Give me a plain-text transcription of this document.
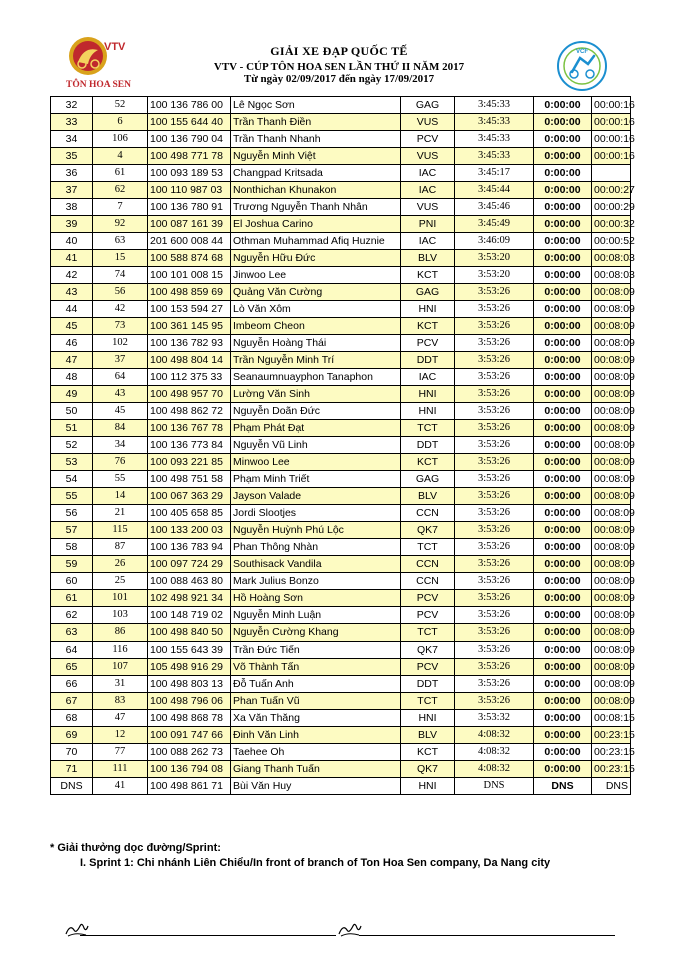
VTV
TÔN HOA SEN
VCF
GIẢI XE ĐẠP QUỐC TẾ
VTV - CÚP TÔN HOA SEN LẦN THỨ II NĂM 2017
Từ ngày 02/09/2017 đến ngày 17/09/2017
32	52	100 136 786 00	Lê Ngọc Sơn	GAG	3:45:33	0:00:00	00:00:16
33	6	100 155 644 40	Trần Thanh Điền	VUS	3:45:33	0:00:00	00:00:16
34	106	100 136 790 04	Trần Thanh Nhanh	PCV	3:45:33	0:00:00	00:00:16
35	4	100 498 771 78	Nguyễn Minh Việt	VUS	3:45:33	0:00:00	00:00:16
36	61	100 093 189 53	Changpad Kritsada	IAC	3:45:17	0:00:00	
37	62	100 110 987 03	Nonthichan Khunakon	IAC	3:45:44	0:00:00	00:00:27
38	7	100 136 780 91	Trương Nguyễn Thanh Nhân	VUS	3:45:46	0:00:00	00:00:29
39	92	100 087 161 39	El Joshua Carino	PNI	3:45:49	0:00:00	00:00:32
40	63	201 600 008 44	Othman Muhammad Afiq Huznie	IAC	3:46:09	0:00:00	00:00:52
41	15	100 588 874 68	Nguyễn Hữu Đức	BLV	3:53:20	0:00:00	00:08:03
42	74	100 101 008 15	Jinwoo Lee	KCT	3:53:20	0:00:00	00:08:03
43	56	100 498 859 69	Quảng Văn Cường	GAG	3:53:26	0:00:00	00:08:09
44	42	100 153 594 27	Lò Văn Xôm	HNI	3:53:26	0:00:00	00:08:09
45	73	100 361 145 95	Imbeom Cheon	KCT	3:53:26	0:00:00	00:08:09
46	102	100 136 782 93	Nguyễn Hoàng Thái	PCV	3:53:26	0:00:00	00:08:09
47	37	100 498 804 14	Trần Nguyễn Minh Trí	DDT	3:53:26	0:00:00	00:08:09
48	64	100 112 375 33	Seanaumnuayphon Tanaphon	IAC	3:53:26	0:00:00	00:08:09
49	43	100 498 957 70	Lường Văn Sinh	HNI	3:53:26	0:00:00	00:08:09
50	45	100 498 862 72	Nguyễn Doãn Đức	HNI	3:53:26	0:00:00	00:08:09
51	84	100 136 767 78	Phạm Phát Đạt	TCT	3:53:26	0:00:00	00:08:09
52	34	100 136 773 84	Nguyễn Vũ Linh	DDT	3:53:26	0:00:00	00:08:09
53	76	100 093 221 85	Minwoo Lee	KCT	3:53:26	0:00:00	00:08:09
54	55	100 498 751 58	Phạm Minh Triết	GAG	3:53:26	0:00:00	00:08:09
55	14	100 067 363 29	Jayson Valade	BLV	3:53:26	0:00:00	00:08:09
56	21	100 405 658 85	Jordi Slootjes	CCN	3:53:26	0:00:00	00:08:09
57	115	100 133 200 03	Nguyễn Huỳnh Phú Lộc	QK7	3:53:26	0:00:00	00:08:09
58	87	100 136 783 94	Phan Thông Nhàn	TCT	3:53:26	0:00:00	00:08:09
59	26	100 097 724 29	Southisack Vandila	CCN	3:53:26	0:00:00	00:08:09
60	25	100 088 463 80	Mark Julius Bonzo	CCN	3:53:26	0:00:00	00:08:09
61	101	102 498 921 34	Hồ Hoàng Sơn	PCV	3:53:26	0:00:00	00:08:09
62	103	100 148 719 02	Nguyễn Minh Luận	PCV	3:53:26	0:00:00	00:08:09
63	86	100 498 840 50	Nguyễn Cường Khang	TCT	3:53:26	0:00:00	00:08:09
64	116	100 155 643 39	Trần Đức Tiến	QK7	3:53:26	0:00:00	00:08:09
65	107	105 498 916 29	Võ Thành Tấn	PCV	3:53:26	0:00:00	00:08:09
66	31	100 498 803 13	Đỗ Tuấn Anh	DDT	3:53:26	0:00:00	00:08:09
67	83	100 498 796 06	Phan Tuấn Vũ	TCT	3:53:26	0:00:00	00:08:09
68	47	100 498 868 78	Xa Văn Thăng	HNI	3:53:32	0:00:00	00:08:15
69	12	100 091 747 66	Đinh Văn Linh	BLV	4:08:32	0:00:00	00:23:15
70	77	100 088 262 73	Taehee Oh	KCT	4:08:32	0:00:00	00:23:15
71	111	100 136 794 08	Giang Thanh Tuấn	QK7	4:08:32	0:00:00	00:23:15
DNS	41	100 498 861 71	Bùi Văn Huy	HNI	DNS	DNS	DNS
* Giải thưởng dọc đường/Sprint:
I. Sprint 1: Chi nhánh Liên Chiểu/In front of branch of Ton Hoa Sen company, Da Nang city
